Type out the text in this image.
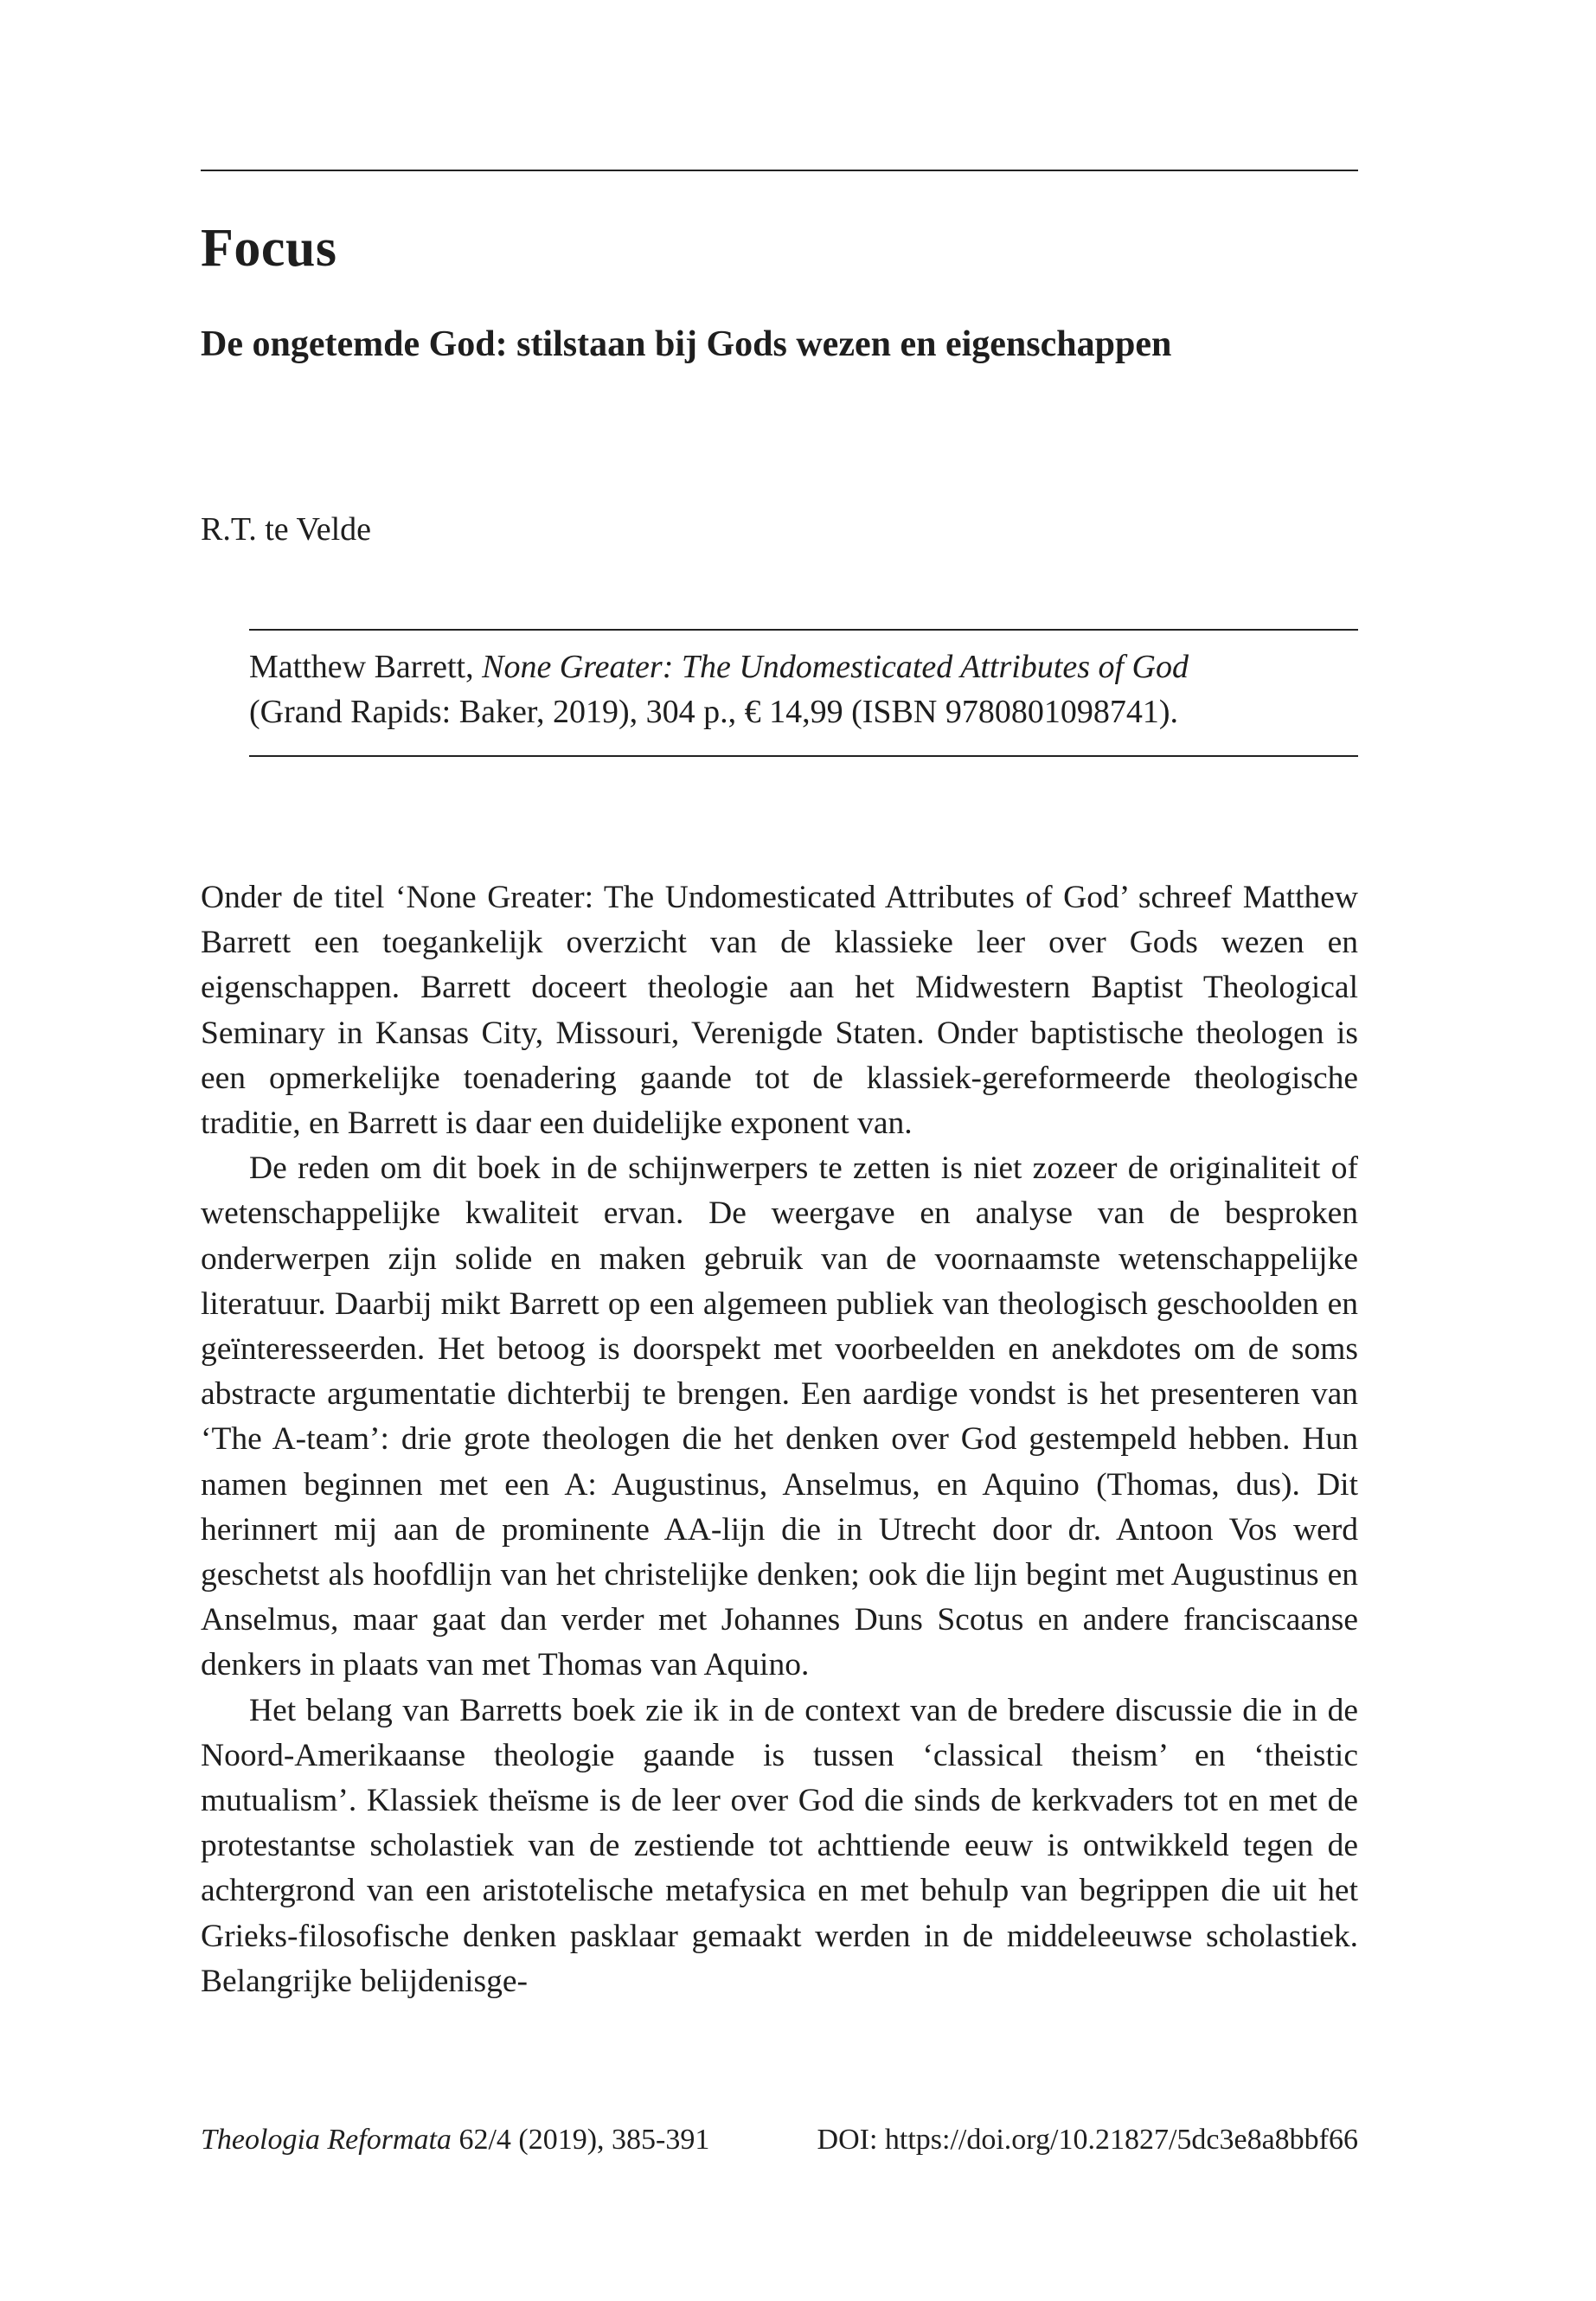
Focus
De ongetemde God: stilstaan bij Gods wezen en eigenschappen

R.T. te Velde

Matthew Barrett, None Greater: The Undomesticated Attributes of God
(Grand Rapids: Baker, 2019), 304 p., € 14,99 (ISBN 9780801098741).

Onder de titel ‘None Greater: The Undomesticated Attributes of God’ schreef Matthew Barrett een toegankelijk overzicht van de klassieke leer over Gods wezen en eigenschappen. Barrett doceert theologie aan het Midwestern Baptist Theological Seminary in Kansas City, Missouri, Verenigde Staten. Onder baptistische theologen is een opmerkelijke toenadering gaande tot de klassiek-gereformeerde theologische traditie, en Barrett is daar een duidelijke exponent van.

De reden om dit boek in de schijnwerpers te zetten is niet zozeer de originaliteit of wetenschappelijke kwaliteit ervan. De weergave en analyse van de besproken onderwerpen zijn solide en maken gebruik van de voornaamste wetenschappelijke literatuur. Daarbij mikt Barrett op een algemeen publiek van theologisch geschoolden en geïnteresseerden. Het betoog is doorspekt met voorbeelden en anekdotes om de soms abstracte argumentatie dichterbij te brengen. Een aardige vondst is het presenteren van ‘The A-team’: drie grote theologen die het denken over God gestempeld hebben. Hun namen beginnen met een A: Augustinus, Anselmus, en Aquino (Thomas, dus). Dit herinnert mij aan de prominente AA-lijn die in Utrecht door dr. Antoon Vos werd geschetst als hoofdlijn van het christelijke denken; ook die lijn begint met Augustinus en Anselmus, maar gaat dan verder met Johannes Duns Scotus en andere franciscaanse denkers in plaats van met Thomas van Aquino.

Het belang van Barretts boek zie ik in de context van de bredere discussie die in de Noord-Amerikaanse theologie gaande is tussen ‘classical theism’ en ‘theistic mutualism’. Klassiek theïsme is de leer over God die sinds de kerkvaders tot en met de protestantse scholastiek van de zestiende tot achttiende eeuw is ontwikkeld tegen de achtergrond van een aristotelische metafysica en met behulp van begrippen die uit het Grieks-filosofische denken pasklaar gemaakt werden in de middeleeuwse scholastiek. Belangrijke belijdenisge-

Theologia Reformata 62/4 (2019), 385-391	DOI: https://doi.org/10.21827/5dc3e8a8bbf66
